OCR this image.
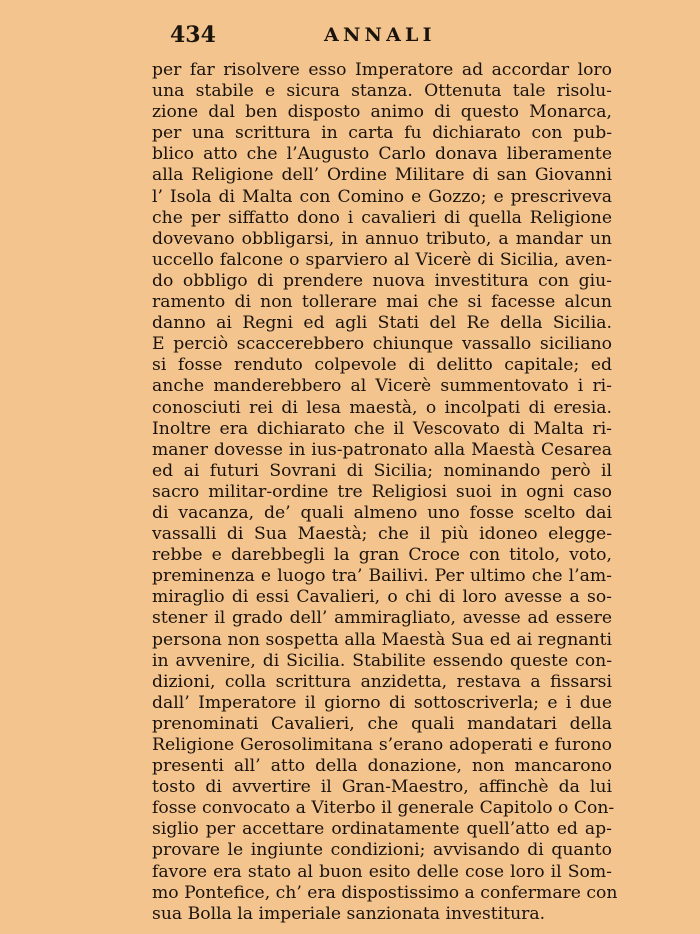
434	ANNALI
per far risolvere esso Imperatore ad accordar loro
una stabile e sicura stanza. Ottenuta tale risolu-
zione dal ben disposto animo di questo Monarca,
per una scrittura in carta fu dichiarato con pub-
blico atto che l’Augusto Carlo donava liberamente
alla Religione dell’ Ordine Militare di san Giovanni
l’ Isola di Malta con Comino e Gozzo; e prescriveva
che per siffatto dono i cavalieri di quella Religione
dovevano obbligarsi, in annuo tributo, a mandar un
uccello falcone o sparviero al Vicerè di Sicilia, aven-
do obbligo di prendere nuova investitura con giu-
ramento di non tollerare mai che si facesse alcun
danno ai Regni ed agli Stati del Re della Sicilia.
E perciò scaccerebbero chiunque vassallo siciliano
si fosse renduto colpevole di delitto capitale; ed
anche manderebbero al Vicerè summentovato i ri-
conosciuti rei di lesa maestà, o incolpati di eresia.
Inoltre era dichiarato che il Vescovato di Malta ri-
maner dovesse in ius-patronato alla Maestà Cesarea
ed ai futuri Sovrani di Sicilia; nominando però il
sacro militar-ordine tre Religiosi suoi in ogni caso
di vacanza, de’ quali almeno uno fosse scelto dai
vassalli di Sua Maestà; che il più idoneo eleggе-
rebbe e darebbegli la gran Croce con titolo, voto,
preminenza e luogo tra’ Bailivi. Per ultimo che l’am-
miraglio di essi Cavalieri, o chi di loro avesse a so-
stener il grado dell’ ammiragliato, avesse ad essere
persona non sospetta alla Maestà Sua ed ai regnanti
in avvenire, di Sicilia. Stabilite essendo queste con-
dizioni, colla scrittura anzidetta, restava a fissarsi
dall’ Imperatore il giorno di sottoscriverla; e i due
prenominati Cavalieri, che quali mandatari della
Religione Gerosolimitana s’erano adoperati e furono
presenti all’ atto della donazione, non mancarono
tosto di avvertire il Gran-Maestro, affinchè da lui
fosse convocato a Viterbo il generale Capitolo o Con-
siglio per accettare ordinatamente quell’atto ed ap-
provare le ingiunte condizioni; avvisando di quanto
favore era stato al buon esito delle cose loro il Som-
mo Pontefice, ch’ era dispostissimo a confermare con
sua Bolla la imperiale sanzionata investitura.
